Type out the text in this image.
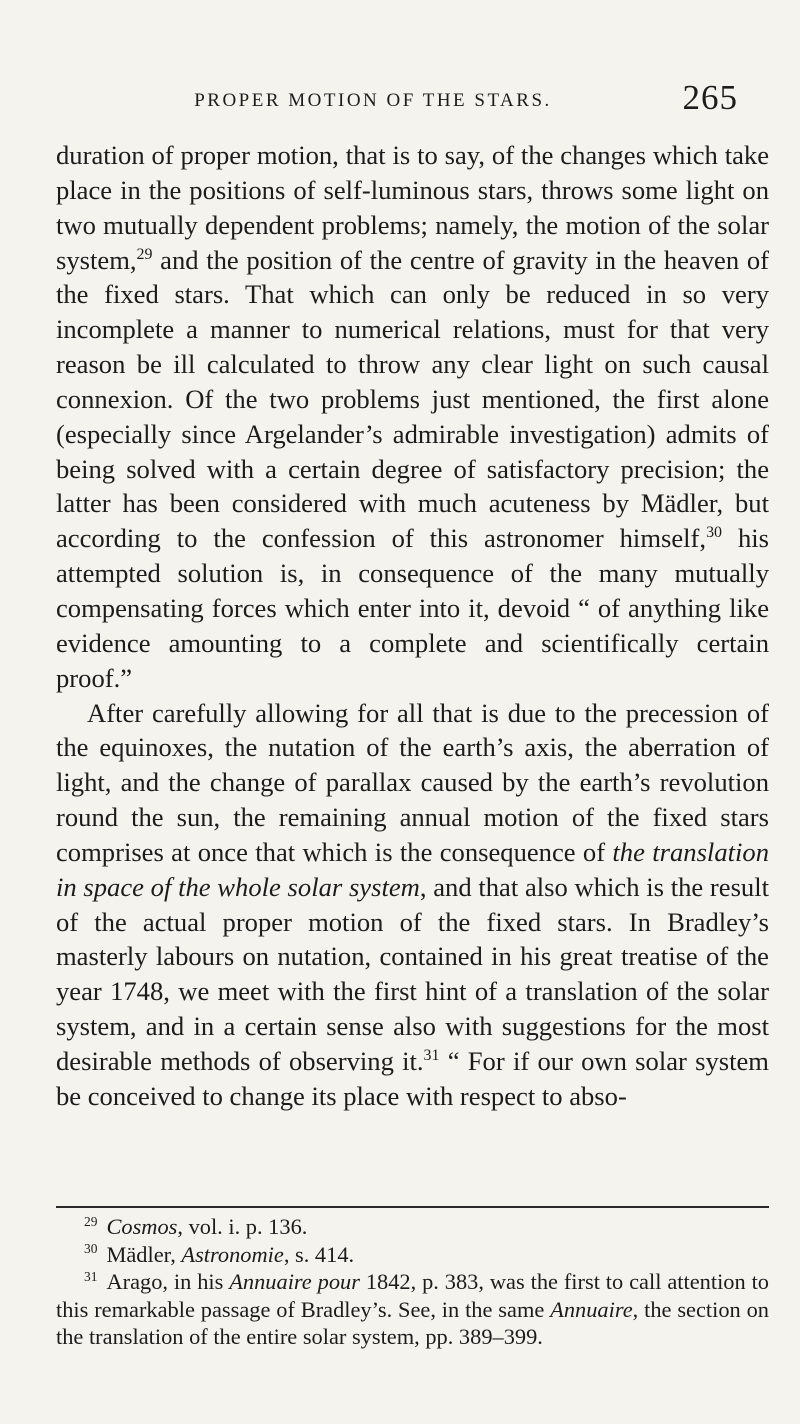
PROPER MOTION OF THE STARS.	265

duration of proper motion, that is to say, of the changes which take place in the positions of self-luminous stars, throws some light on two mutually dependent problems; namely, the motion of the solar system,$^{29}$ and the position of the centre of gravity in the heaven of the fixed stars. That which can only be reduced in so very incomplete a manner to numerical relations, must for that very reason be ill calculated to throw any clear light on such causal connexion. Of the two problems just mentioned, the first alone (especially since Argelander’s admirable investigation) admits of being solved with a certain degree of satisfactory precision; the latter has been considered with much acuteness by Mädler, but according to the confession of this astronomer himself,$^{30}$ his attempted solution is, in consequence of the many mutually compensating forces which enter into it, devoid “ of anything like evidence amounting to a complete and scientifically certain proof.”

After carefully allowing for all that is due to the precession of the equinoxes, the nutation of the earth’s axis, the aberration of light, and the change of parallax caused by the earth’s revolution round the sun, the remaining annual motion of the fixed stars comprises at once that which is the consequence of the translation in space of the whole solar system, and that also which is the result of the actual proper motion of the fixed stars. In Bradley’s masterly labours on nutation, contained in his great treatise of the year 1748, we meet with the first hint of a translation of the solar system, and in a certain sense also with suggestions for the most desirable methods of observing it.$^{31}$ “ For if our own solar system be conceived to change its place with respect to abso-

$^{29}$ Cosmos, vol. i. p. 136.

$^{30}$ Mädler, Astronomie, s. 414.

$^{31}$ Arago, in his Annuaire pour 1842, p. 383, was the first to call attention to this remarkable passage of Bradley’s. See, in the same Annuaire, the section on the translation of the entire solar system, pp. 389–399.
